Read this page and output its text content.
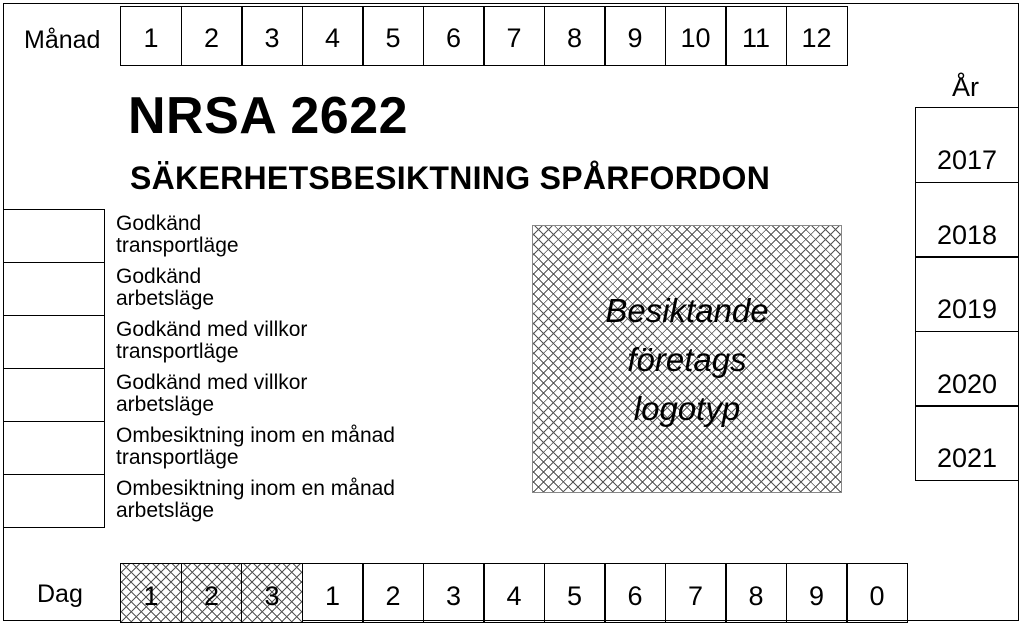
Månad	1	2	3	4	5	6	7	8	9	10	11	12
NRSA 2622
SÄKERHETSBESIKTNING SPÅRFORDON
År
2017
2018
2019
2020
2021
Godkänd
transportläge
Godkänd
arbetsläge
Godkänd med villkor
transportläge
Godkänd med villkor
arbetsläge
Ombesiktning inom en månad
transportläge
Ombesiktning inom en månad
arbetsläge
Besiktande
företags
logotyp
Dag	1	2	3	1	2	3	4	5	6	7	8	9	0
